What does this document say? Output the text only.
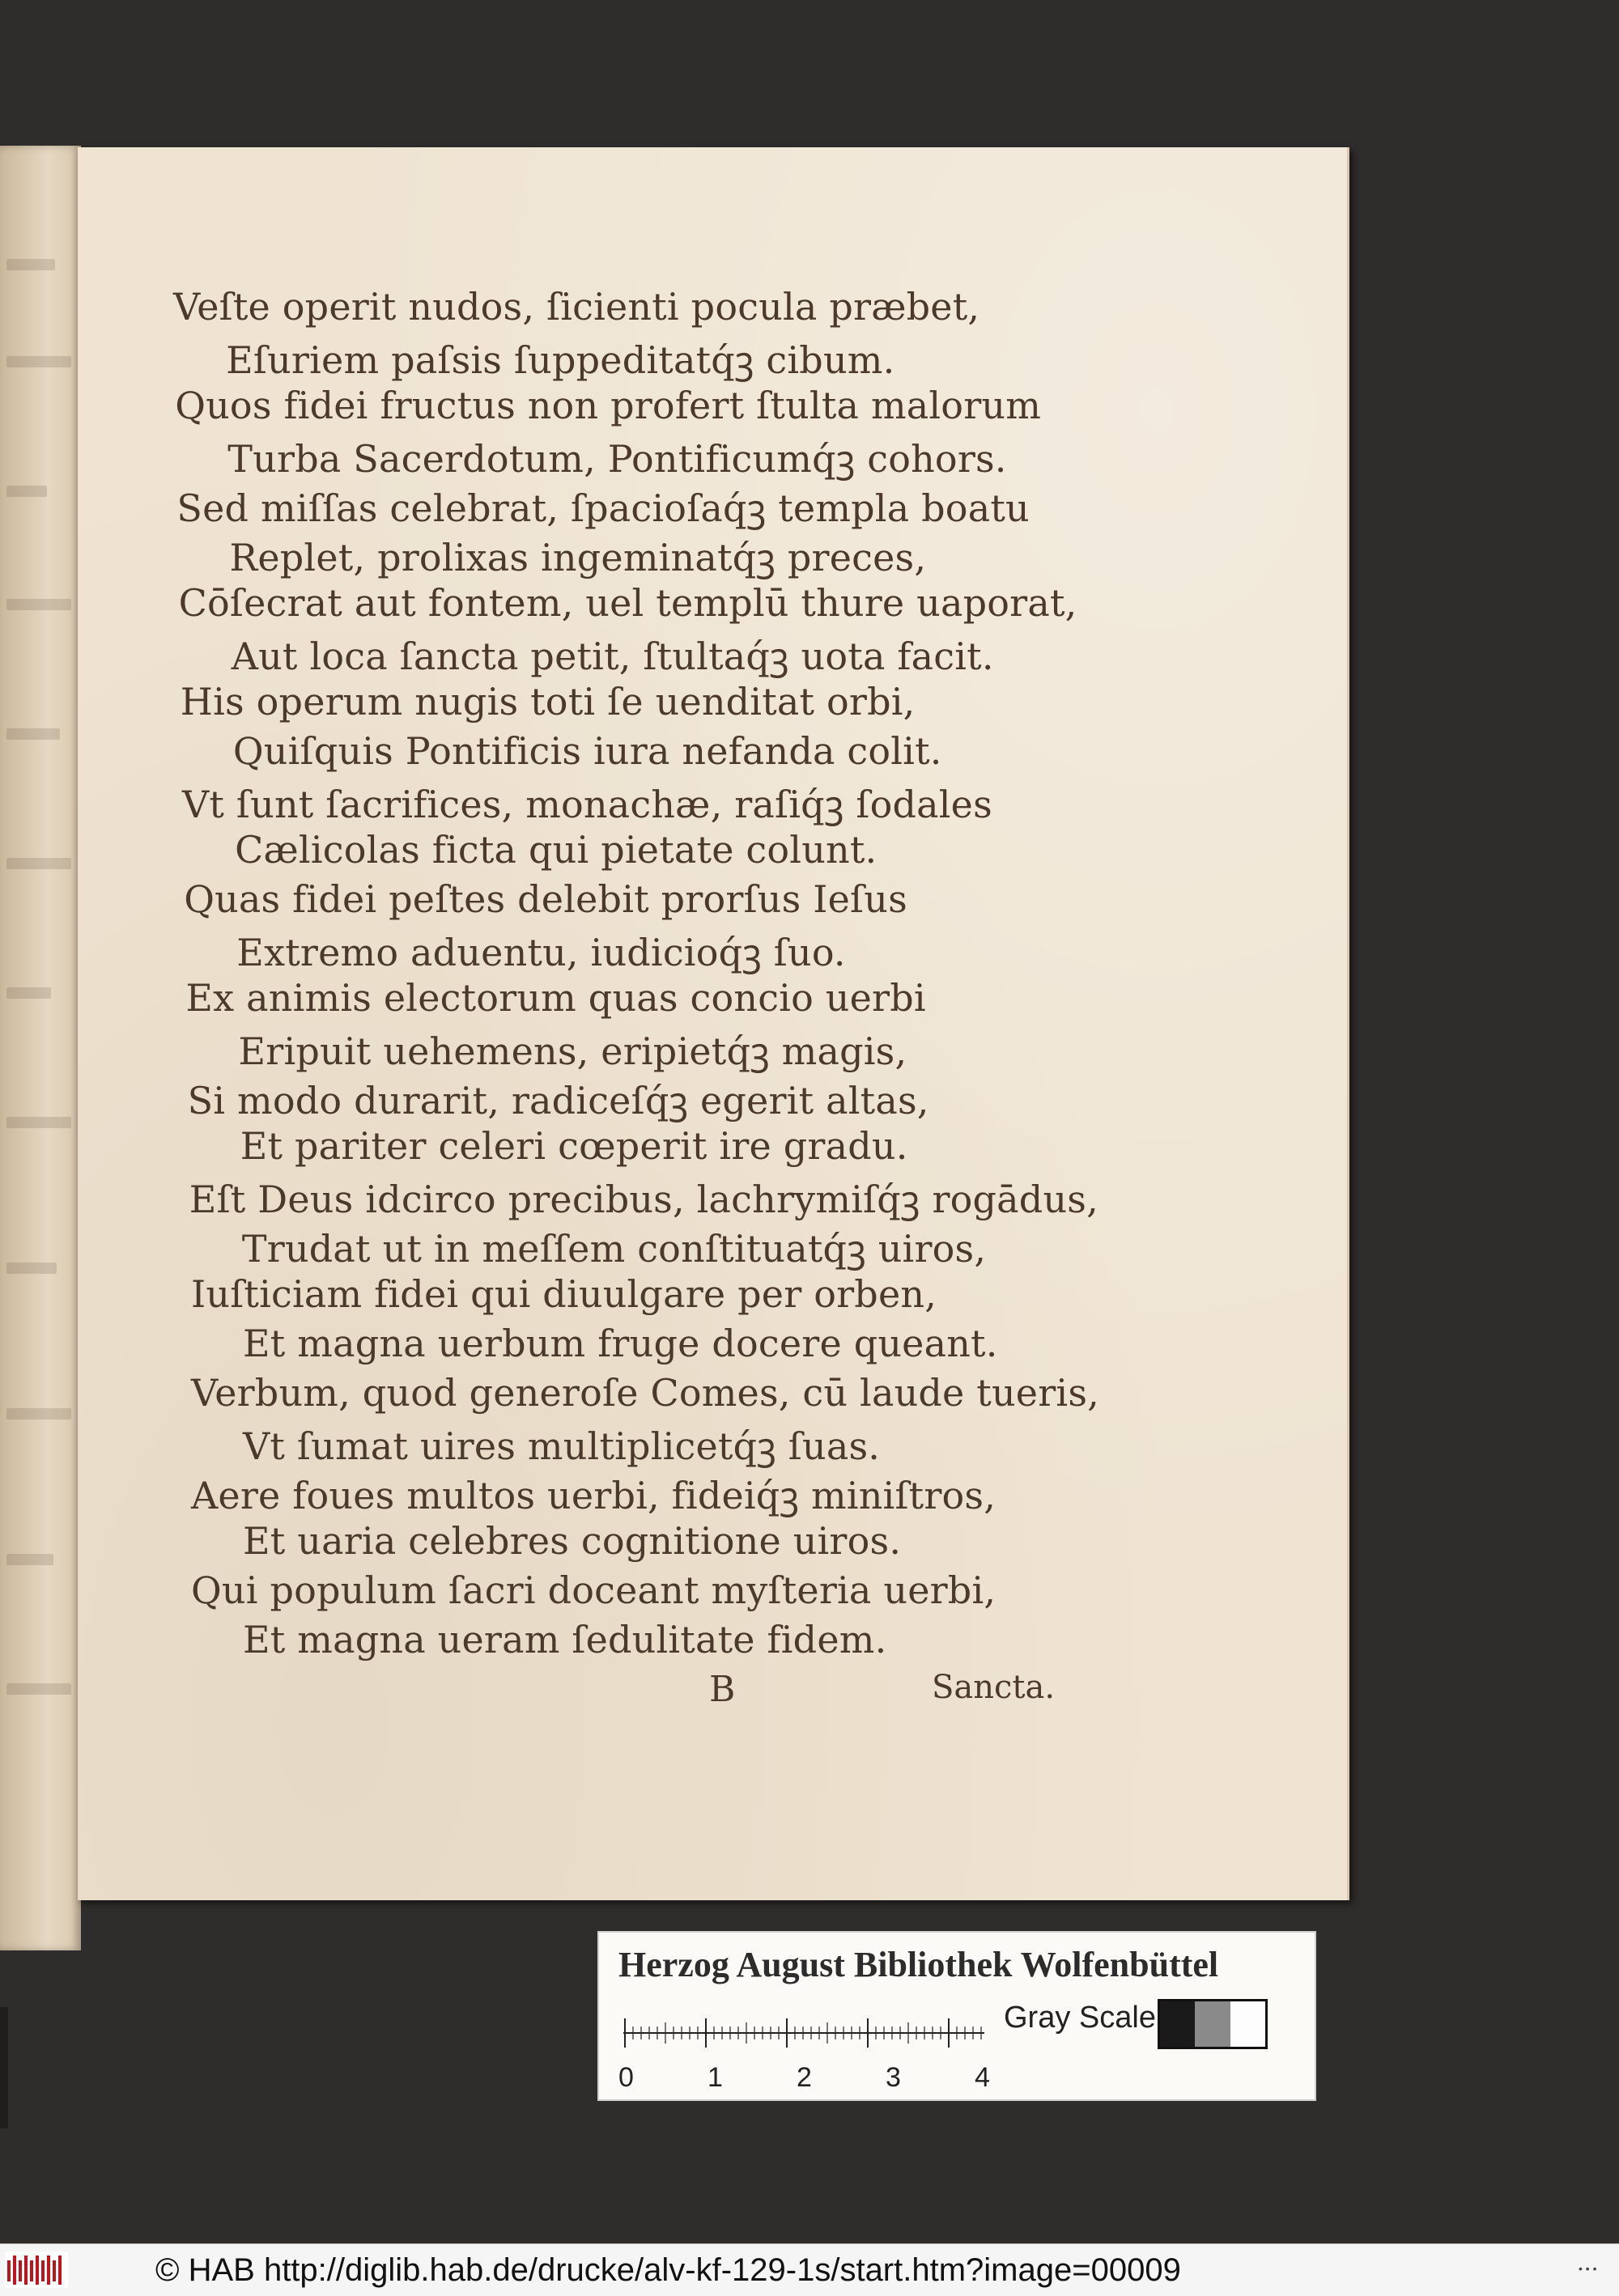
Veſte operit nudos, ſicienti pocula præbet,
Eſuriem paſsis ſuppeditatq́ꝫ cibum.
Quos fidei fructus non profert ſtulta malorum
Turba Sacerdotum, Pontificumq́ꝫ cohors.
Sed miſſas celebrat, ſpacioſaq́ꝫ templa boatu
Replet, prolixas ingeminatq́ꝫ preces,
Cōſecrat aut fontem, uel templū thure uaporat,
Aut loca ſancta petit, ſtultaq́ꝫ uota facit.
His operum nugis toti ſe uenditat orbi,
Quiſquis Pontificis iura nefanda colit.
Vt ſunt ſacrifices, monachæ, raſiq́ꝫ ſodales
Cælicolas ficta qui pietate colunt.
Quas fidei peſtes delebit prorſus Ieſus
Extremo aduentu, iudicioq́ꝫ ſuo.
Ex animis electorum quas concio uerbi
Eripuit uehemens, eripietq́ꝫ magis,
Si modo durarit, radiceſq́ꝫ egerit altas,
Et pariter celeri cœperit ire gradu.
Eſt Deus idcirco precibus, lachrymiſq́ꝫ rogādus,
Trudat ut in meſſem conſtituatq́ꝫ uiros,
Iuſticiam fidei qui diuulgare per orben,
Et magna uerbum fruge docere queant.
Verbum, quod generoſe Comes, cū laude tueris,
Vt ſumat uires multiplicetq́ꝫ ſuas.
Aere foues multos uerbi, fideiq́ꝫ miniſtros,
Et uaria celebres cognitione uiros.
Qui populum ſacri doceant myſteria uerbi,
Et magna ueram ſedulitate fidem.
B	Sancta.
Herzog August Bibliothek Wolfenbüttel
0	1	2	3	4
Gray Scale
© HAB http://diglib.hab.de/drucke/alv-kf-129-1s/start.htm?image=00009	• • •
